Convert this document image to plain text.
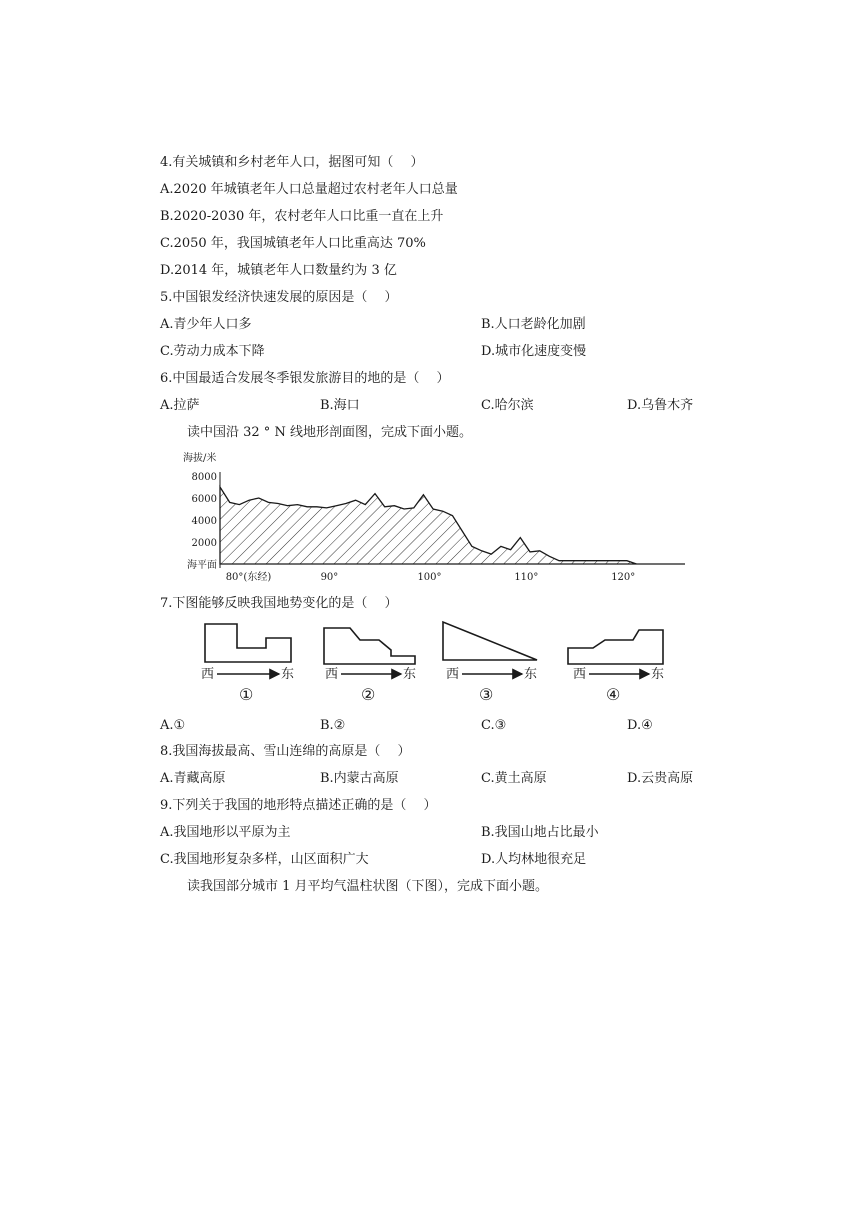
4.有关城镇和乡村老年人口，据图可知（　 ）
A.2020 年城镇老年人口总量超过农村老年人口总量
B.2020-2030 年，农村老年人口比重一直在上升
C.2050 年，我国城镇老年人口比重高达 70%
D.2014 年，城镇老年人口数量约为 3 亿
5.中国银发经济快速发展的原因是（　 ）
A.青少年人口多	B.人口老龄化加剧
C.劳动力成本下降	D.城市化速度变慢
6.中国最适合发展冬季银发旅游目的地的是（　 ）
A.拉萨	B.海口	C.哈尔滨	D.乌鲁木齐
读中国沿 32 ° N 线地形剖面图，完成下面小题。
海拔/米
8000
6000
4000
2000
海平面
80°(东经)	90°	100°	110°	120°
7.下图能够反映我国地势变化的是（　 ）
西	东
①
西	东
②
西	东
③
西	东
④
A.①	B.②	C.③	D.④
8.我国海拔最高、雪山连绵的高原是（　 ）
A.青藏高原	B.内蒙古高原	C.黄土高原	D.云贵高原
9.下列关于我国的地形特点描述正确的是（　 ）
A.我国地形以平原为主	B.我国山地占比最小
C.我国地形复杂多样，山区面积广大	D.人均林地很充足
读我国部分城市 1 月平均气温柱状图（下图），完成下面小题。
